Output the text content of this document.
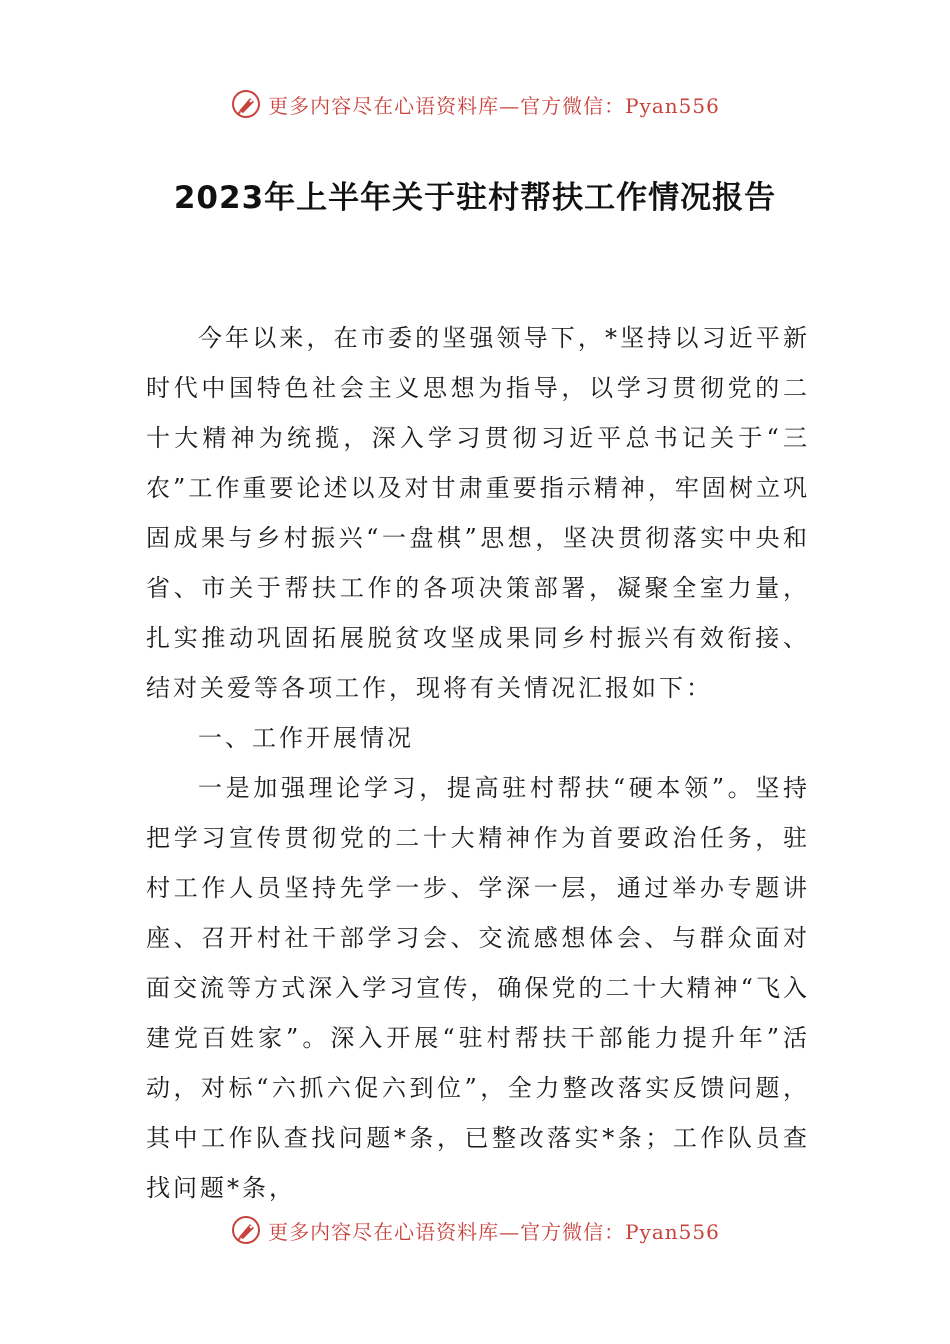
更多内容尽在心语资料库—官方微信：Pyan556
2023年上半年关于驻村帮扶工作情况报告

今年以来，在市委的坚强领导下，*坚持以习近平新时代中国特色社会主义思想为指导，以学习贯彻党的二十大精神为统揽，深入学习贯彻习近平总书记关于“三农”工作重要论述以及对甘肃重要指示精神，牢固树立巩固成果与乡村振兴“一盘棋”思想，坚决贯彻落实中央和省、市关于帮扶工作的各项决策部署，凝聚全室力量，扎实推动巩固拓展脱贫攻坚成果同乡村振兴有效衔接、结对关爱等各项工作，现将有关情况汇报如下：

一、工作开展情况

一是加强理论学习，提高驻村帮扶“硬本领”。坚持把学习宣传贯彻党的二十大精神作为首要政治任务，驻村工作人员坚持先学一步、学深一层，通过举办专题讲座、召开村社干部学习会、交流感想体会、与群众面对面交流等方式深入学习宣传，确保党的二十大精神“飞入建党百姓家”。深入开展“驻村帮扶干部能力提升年”活动，对标“六抓六促六到位”，全力整改落实反馈问题，其中工作队查找问题*条，已整改落实*条；工作队员查找问题*条，

更多内容尽在心语资料库—官方微信：Pyan556
